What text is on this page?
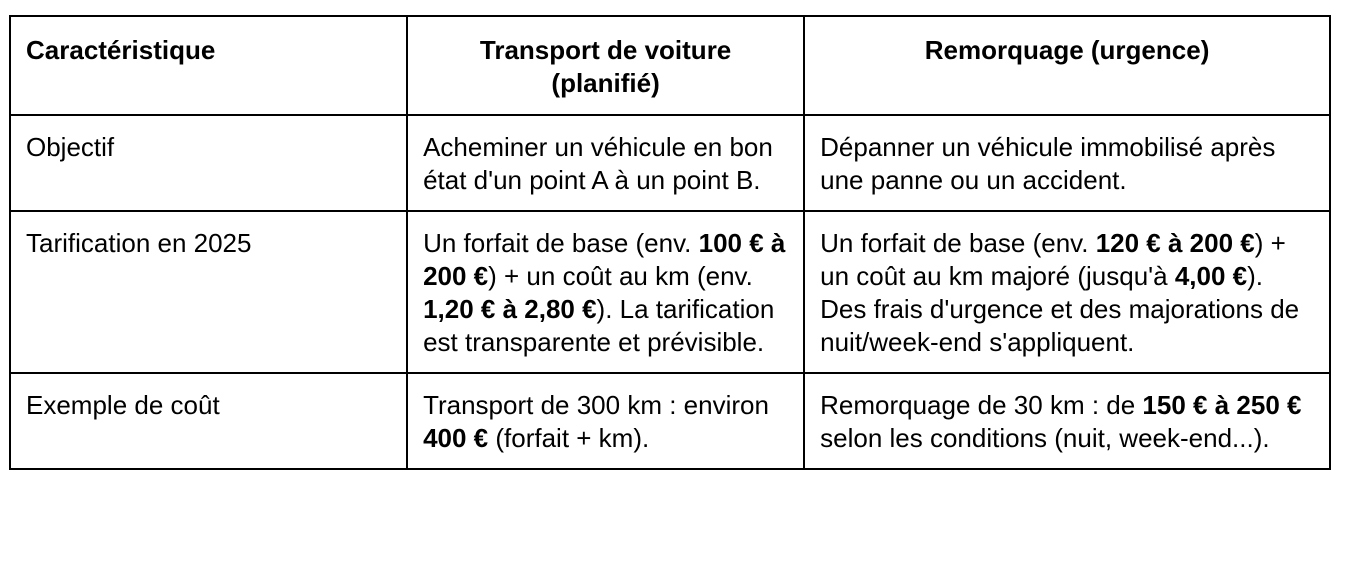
Caractéristique	Transport de voiture (planifié)	Remorquage (urgence)
Objectif	Acheminer un véhicule en bon état d'un point A à un point B.	Dépanner un véhicule immobilisé après une panne ou un accident.
Tarification en 2025	Un forfait de base (env. 100 € à 200 €) + un coût au km (env. 1,20 € à 2,80 €). La tarification est transparente et prévisible.	Un forfait de base (env. 120 € à 200 €) + un coût au km majoré (jusqu'à 4,00 €). Des frais d'urgence et des majorations de nuit/week-end s'appliquent.
Exemple de coût	Transport de 300 km : environ 400 € (forfait + km).	Remorquage de 30 km : de 150 € à 250 € selon les conditions (nuit, week-end...).
